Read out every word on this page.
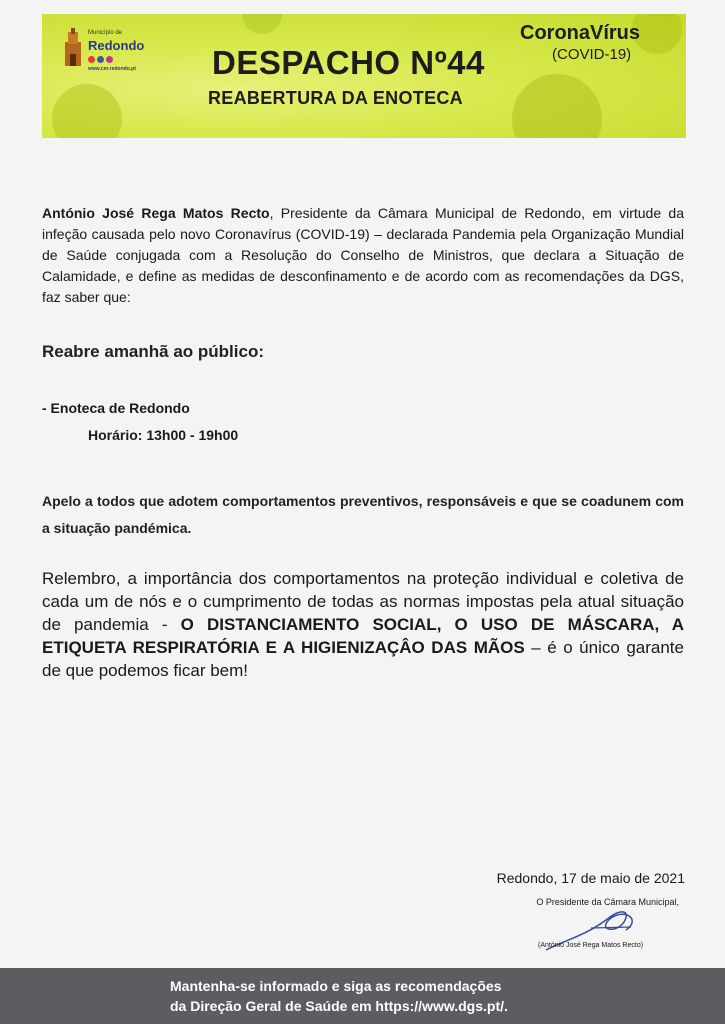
Município de
Redondo
www.cm-redondo.pt DESPACHO Nº44
REABERTURA DA ENOTECA
CoronaVírus
(COVID-19)
António José Rega Matos Recto, Presidente da Câmara Municipal de Redondo, em virtude da infeção causada pelo novo Coronavírus (COVID-19) – declarada Pandemia pela Organização Mundial de Saúde conjugada com a Resolução do Conselho de Ministros, que declara a Situação de Calamidade, e define as medidas de desconfinamento e de acordo com as recomendações da DGS, faz saber que:
Reabre amanhã ao público:
- Enoteca de Redondo
Horário: 13h00 - 19h00
Apelo a todos que adotem comportamentos preventivos, responsáveis e que se coadunem com a situação pandémica.
Relembro, a importância dos comportamentos na proteção individual e coletiva de cada um de nós e o cumprimento de todas as normas impostas pela atual situação de pandemia - O DISTANCIAMENTO SOCIAL, O USO DE MÁSCARA, A ETIQUETA RESPIRATÓRIA E A HIGIENIZAÇÂO DAS MÃOS – é o único garante de que podemos ficar bem!
Redondo, 17 de maio de 2021
O Presidente da Câmara Municipal,
(António José Rega Matos Recto)
Mantenha-se informado e siga as recomendações
da Direção Geral de Saúde em https://www.dgs.pt/.
